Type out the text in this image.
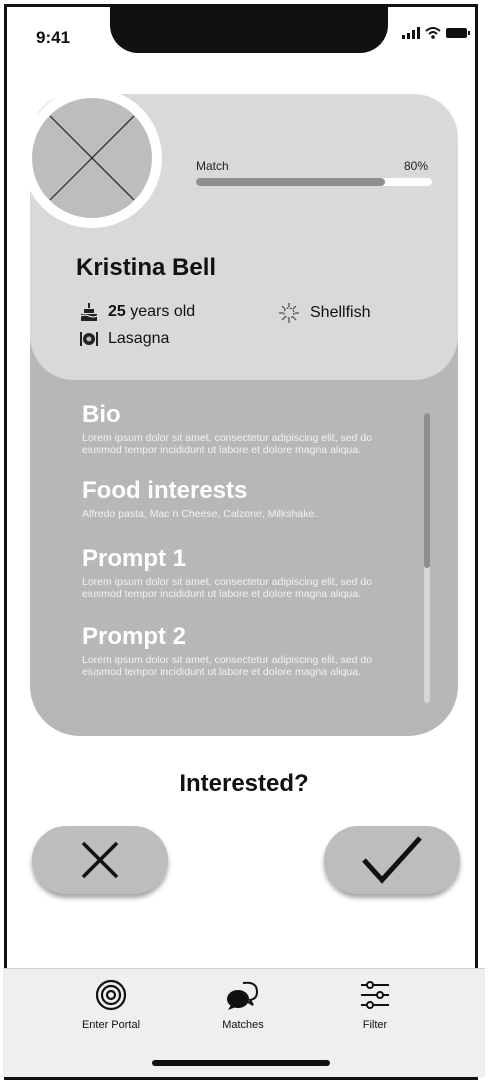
9:41
Bio

Lorem ipsum dolor sit amet, consectetur adipiscing elit, sed do eiusmod tempor incididunt ut labore et dolore magna aliqua.

Food interests

Alfredo pasta, Mac n Cheese, Calzone, Milkshake.

Prompt 1

Lorem ipsum dolor sit amet, consectetur adipiscing elit, sed do eiusmod tempor incididunt ut labore et dolore magna aliqua.

Prompt 2

Lorem ipsum dolor sit amet, consectetur adipiscing elit, sed do eiusmod tempor incididunt ut labore et dolore magna aliqua.

Match	80%
Kristina Bell
25 years old
Lasagna
Shellfish
Interested?
Enter Portal	Matches	Filter
